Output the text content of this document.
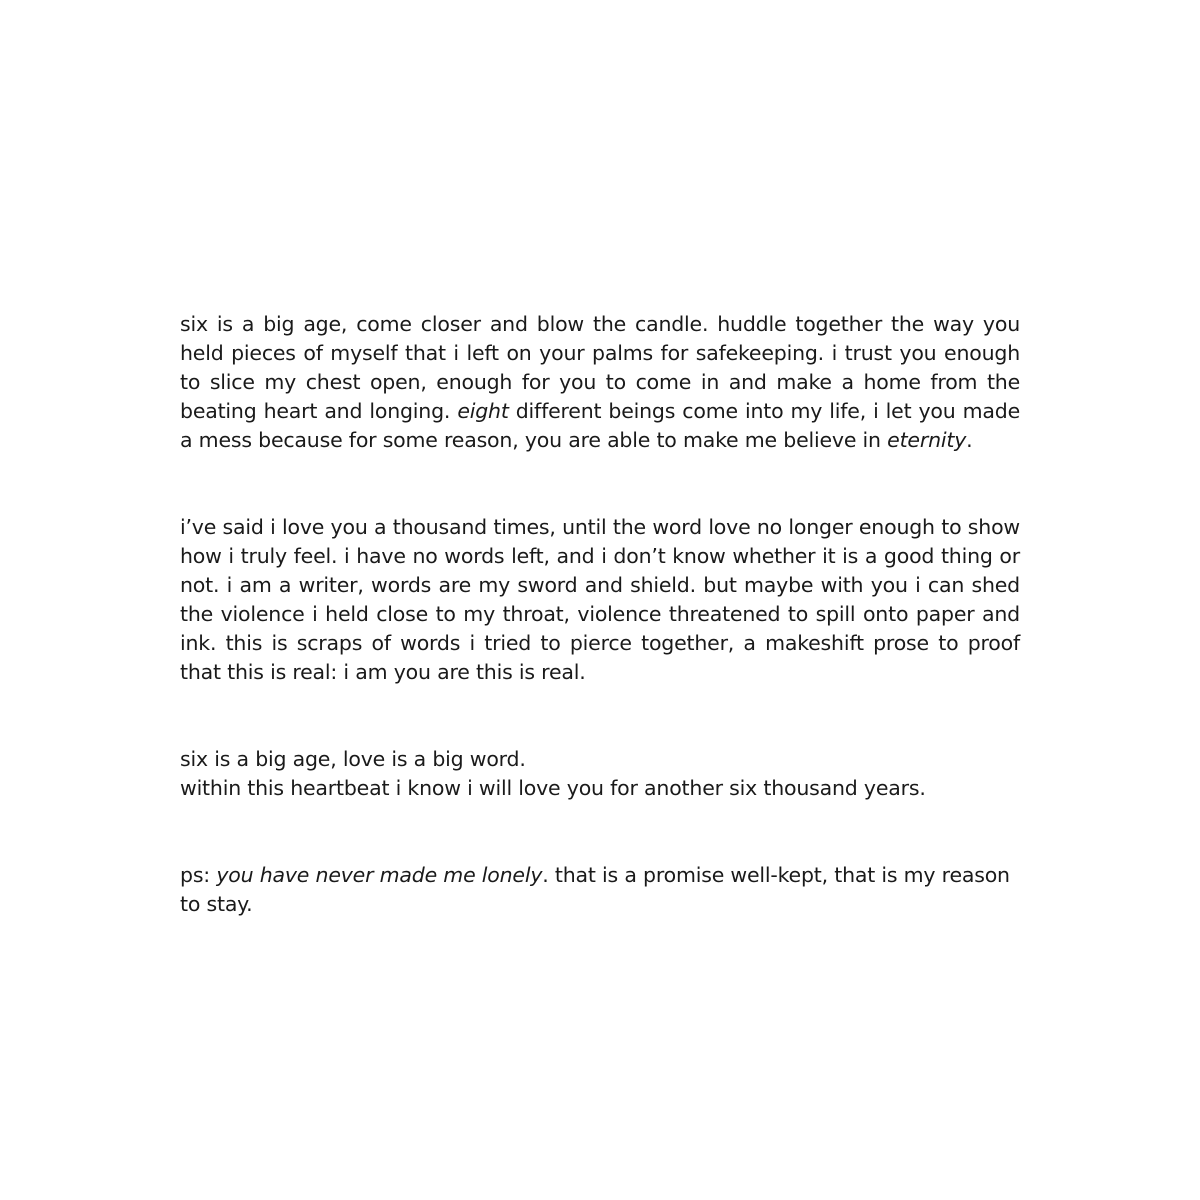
six is a big age, come closer and blow the candle. huddle together the way you held pieces of myself that i left on your palms for safekeeping. i trust you enough to slice my chest open, enough for you to come in and make a home from the beating heart and longing. eight different beings come into my life, i let you made a mess because for some reason, you are able to make me believe in eternity.

i’ve said i love you a thousand times, until the word love no longer enough to show how i truly feel. i have no words left, and i don’t know whether it is a good thing or not. i am a writer, words are my sword and shield. but maybe with you i can shed the violence i held close to my throat, violence threatened to spill onto paper and ink. this is scraps of words i tried to pierce together, a makeshift prose to proof that this is real: i am you are this is real.

six is a big age, love is a big word.
within this heartbeat i know i will love you for another six thousand years.

ps: you have never made me lonely. that is a promise well-kept, that is my reason to stay.
